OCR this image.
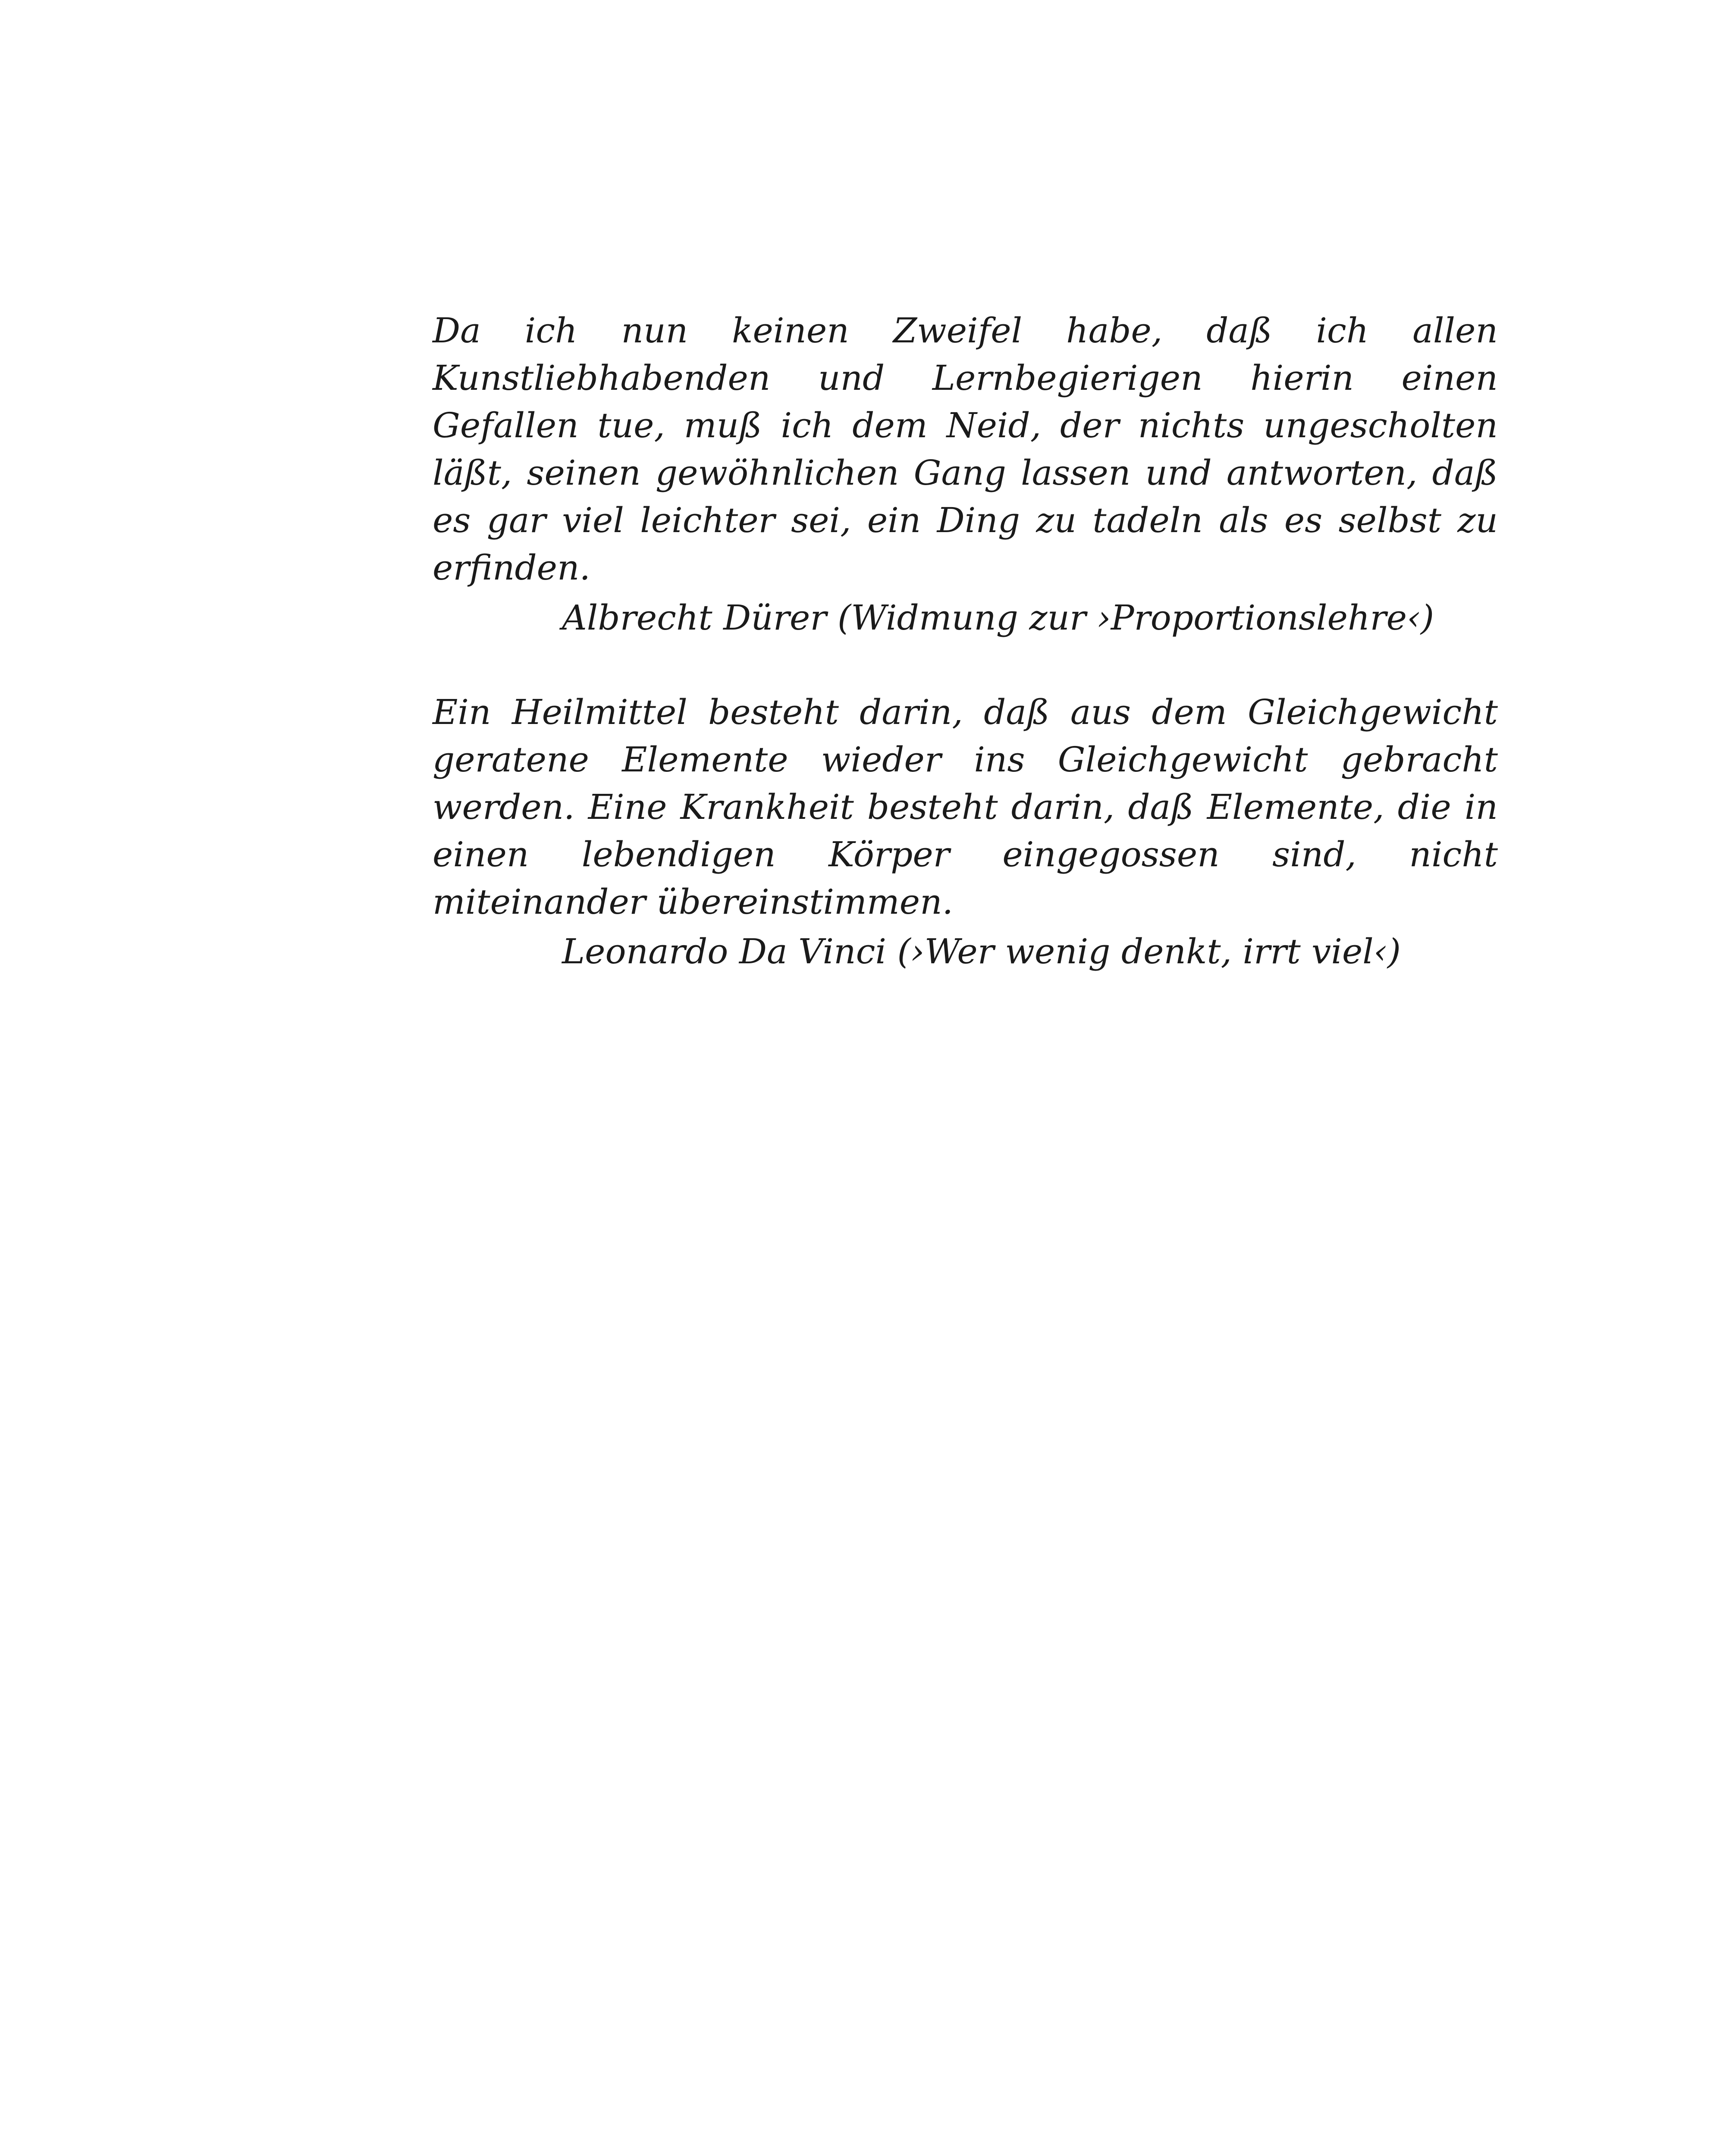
Da ich nun keinen Zweifel habe, daß ich allen Kunstliebhabenden und Lernbegierigen hierin einen Gefallen tue, muß ich dem Neid, der nichts ungescholten läßt, seinen gewöhnlichen Gang lassen und antworten, daß es gar viel leichter sei, ein Ding zu tadeln als es selbst zu erfinden.

Albrecht Dürer (Widmung zur ›Proportionslehre‹)

Ein Heilmittel besteht darin, daß aus dem Gleichgewicht geratene Elemente wieder ins Gleichgewicht gebracht werden. Eine Krankheit besteht darin, daß Elemente, die in einen lebendigen Körper eingegossen sind, nicht miteinander übereinstimmen.

Leonardo Da Vinci (›Wer wenig denkt, irrt viel‹)
